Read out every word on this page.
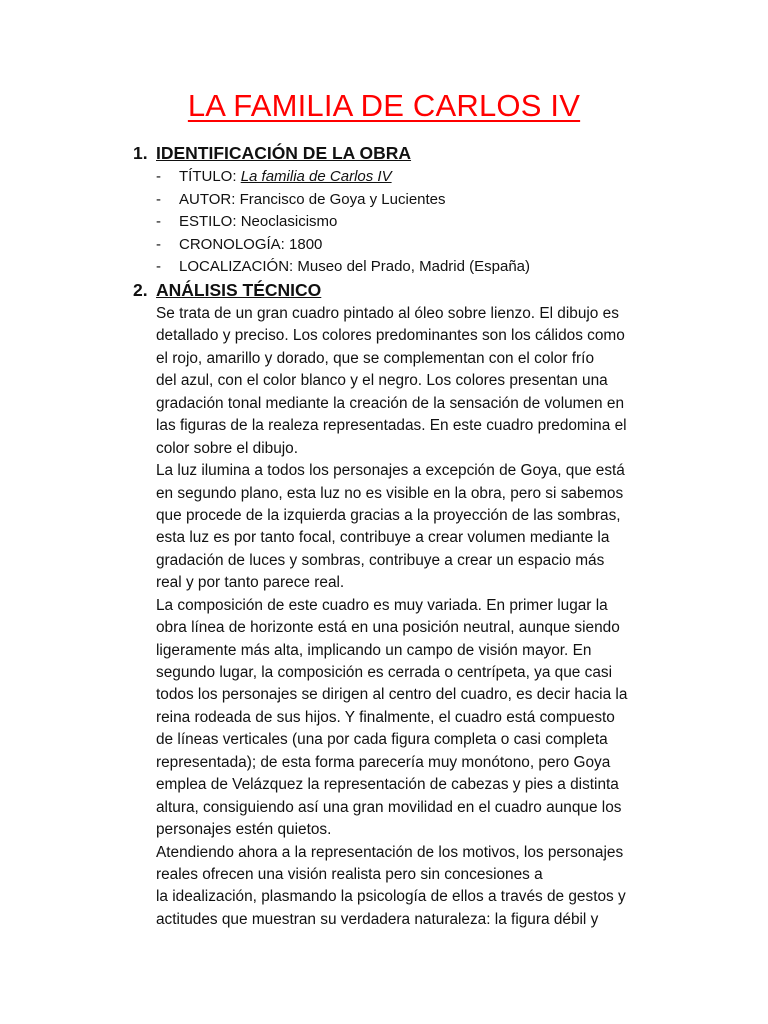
LA FAMILIA DE CARLOS IV
1. IDENTIFICACIÓN DE LA OBRA
- TÍTULO: La familia de Carlos IV
- AUTOR: Francisco de Goya y Lucientes
- ESTILO: Neoclasicismo
- CRONOLOGÍA: 1800
- LOCALIZACIÓN: Museo del Prado, Madrid (España)
2. ANÁLISIS TÉCNICO
Se trata de un gran cuadro pintado al óleo sobre lienzo. El dibujo es
detallado y preciso. Los colores predominantes son los cálidos como
el rojo, amarillo y dorado, que se complementan con el color frío
del azul, con el color blanco y el negro. Los colores presentan una
gradación tonal mediante la creación de la sensación de volumen en
las figuras de la realeza representadas. En este cuadro predomina el
color sobre el dibujo.
La luz ilumina a todos los personajes a excepción de Goya, que está
en segundo plano, esta luz no es visible en la obra, pero si sabemos
que procede de la izquierda gracias a la proyección de las sombras,
esta luz es por tanto focal, contribuye a crear volumen mediante la
gradación de luces y sombras, contribuye a crear un espacio más
real y por tanto parece real.
La composición de este cuadro es muy variada. En primer lugar la
obra línea de horizonte está en una posición neutral, aunque siendo
ligeramente más alta, implicando un campo de visión mayor. En
segundo lugar, la composición es cerrada o centrípeta, ya que casi
todos los personajes se dirigen al centro del cuadro, es decir hacia la
reina rodeada de sus hijos. Y finalmente, el cuadro está compuesto
de líneas verticales (una por cada figura completa o casi completa
representada); de esta forma parecería muy monótono, pero Goya
emplea de Velázquez la representación de cabezas y pies a distinta
altura, consiguiendo así una gran movilidad en el cuadro aunque los
personajes estén quietos.
Atendiendo ahora a la representación de los motivos, los personajes
reales ofrecen una visión realista pero sin concesiones a
la idealización, plasmando la psicología de ellos a través de gestos y
actitudes que muestran su verdadera naturaleza: la figura débil y
